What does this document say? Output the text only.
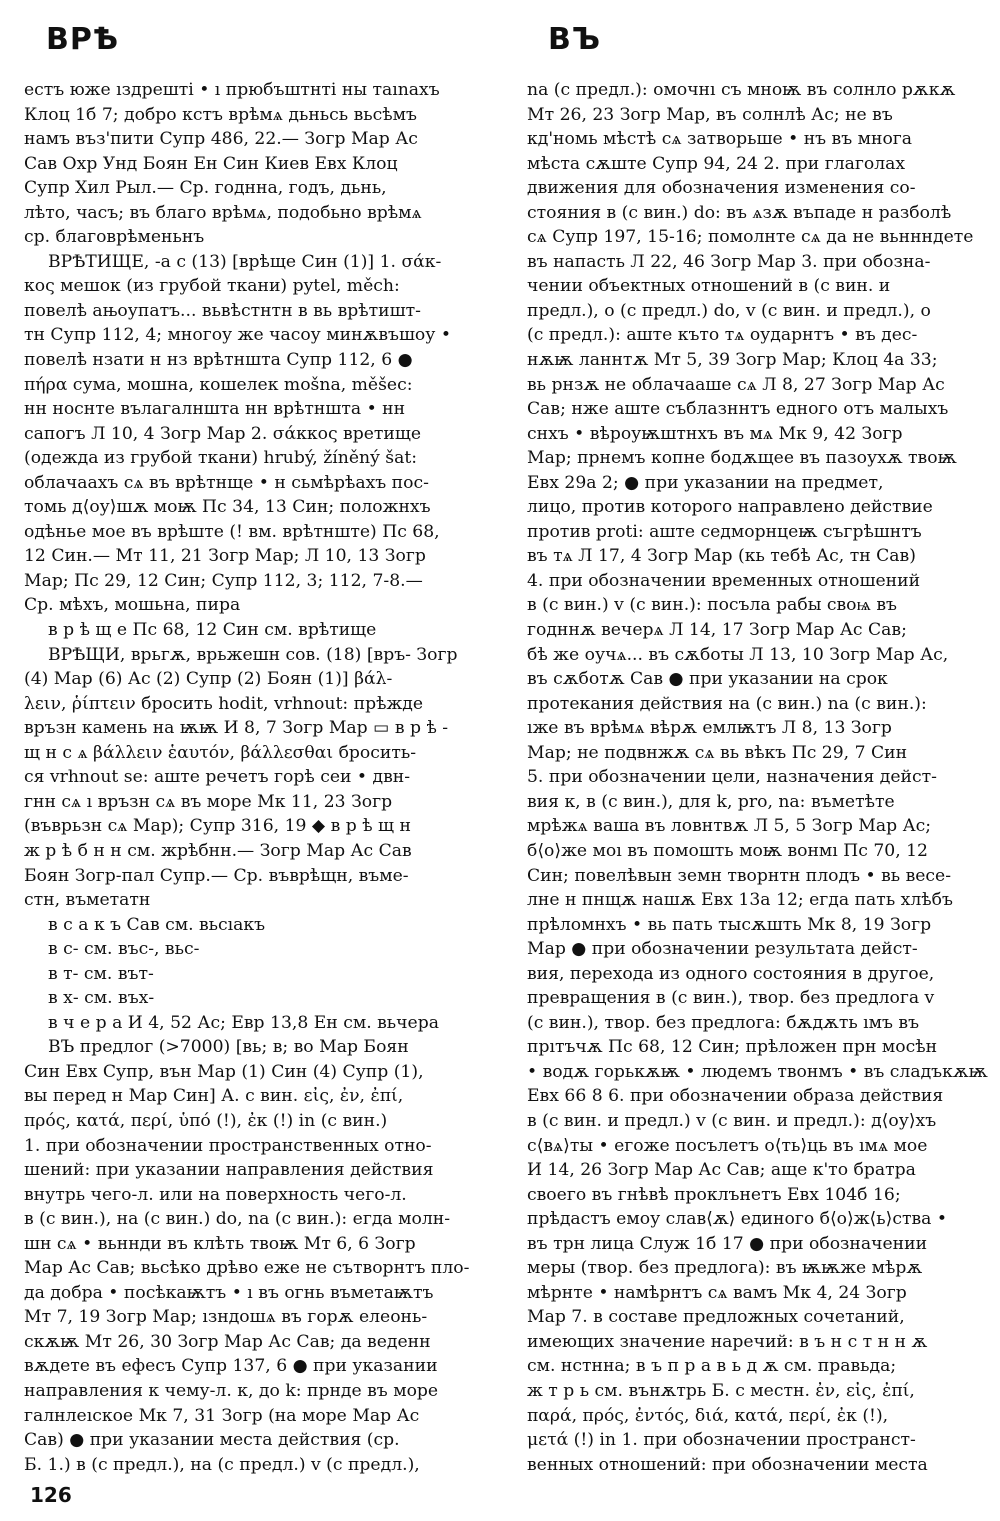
ВРѢ	ВЪ
естъ юже ıздрешті • ı прюбъштнті ны таınахъ
Клоц 1б 7; добро кстъ врѣмѧ дьньсь вьсѣмъ
намъ въз'пити Супр 486, 22.— Зогр Мар Ас
Сав Охр Унд Боян Ен Син Киев Евх Клоц
Супр Хил Рыл.— Ср. годнна, годъ, дьнь,
лѣто, часъ; въ благо врѣмѧ, подобьно врѣмѧ
ср. благоврѣменьнъ
ВРѢТИЩЕ, -а с (13) [врѣще Син (1)] 1. σάκ-
κος мешок (из грубой ткани) pytel, měch:
повелѣ ањоупатъ... вьвѣстнтн в вь врѣтишт-
тн Супр 112, 4; многоу же часоу минѫвъшоу •
повелѣ нзати н нз врѣтншта Супр 112, 6 ●
πήρα сума, мошна, кошелек mošna, měšec:
нн носнте вълагалншта нн врѣтншта • нн
сапогъ Л 10, 4 Зогр Мар 2. σάκκος вретище
(одежда из грубой ткани) hrubý, žíněný šat:
облачаахъ сѧ въ врѣтнще • н сьмѣрѣахъ пос-
томь д⟨оу⟩шѫ моѭ Пс 34, 13 Син; положнхъ
одѣнье мое въ врѣште (! вм. врѣтнште) Пс 68,
12 Син.— Мт 11, 21 Зогр Мар; Л 10, 13 Зогр
Мар; Пс 29, 12 Син; Супр 112, 3; 112, 7-8.—
Ср. мѣхъ, мошьна, пира
в р ѣ щ е Пс 68, 12 Син см. врѣтище
ВРѢЩИ, врьгѫ, врьжешн сов. (18) [връ- Зогр
(4) Мар (6) Ас (2) Супр (2) Боян (1)] βάλ-
λειν, ῥίπτειν бросить hodit, vrhnout: прѣжде
връзн камень на ѭѭ И 8, 7 Зогр Мар ▭ в р ѣ -
щ н с ѧ βάλλειν ἑαυτόν, βάλλεσθαι бросить-
ся vrhnout se: аште речетъ горѣ сеи • двн-
гнн сѧ ı връзн сѧ въ море Мк 11, 23 Зогр
(въврьзн сѧ Мар); Супр 316, 19 ◆ в р ѣ щ н
ж р ѣ б н н см. жрѣбнн.— Зогр Мар Ас Сав
Боян Зогр-пал Супр.— Ср. въврѣщн, въме-
стн, въметатн
в с а к ъ Сав см. вьсıакъ
в с- см. въс-, вьс-
в т- см. вът-
в х- см. въх-
в ч е р а И 4, 52 Ас; Евр 13,8 Ен см. вьчера
ВЪ предлог (>7000) [вь; в; во Мар Боян
Син Евх Супр, вън Мар (1) Син (4) Супр (1),
вы перед н Мар Син] А. с вин. εἰς, ἐν, ἐπί,
πρός, κατά, περί, ὑπό (!), ἐκ (!) in (с вин.)
1. при обозначении пространственных отно-
шений: при указании направления действия
внутрь чего-л. или на поверхность чего-л.
в (с вин.), на (с вин.) do, na (с вин.): егда молн-
шн сѧ • вьннди въ клѣть твоѭ Мт 6, 6 Зогр
Мар Ас Сав; вьсѣко дрѣво еже не сътворнтъ пло-
да добра • посѣкаѭтъ • ı въ огнь въметаѭтъ
Мт 7, 19 Зогр Мар; ıзндошѧ въ горѫ елеонь-
скѫѭ Мт 26, 30 Зогр Мар Ас Сав; да веденн
вѫдете въ ефесъ Супр 137, 6 ● при указании
направления к чему-л. к, до k: прнде въ море
галнлеıское Мк 7, 31 Зогр (на море Мар Ас
Сав) ● при указании места действия (ср.
Б. 1.) в (с предл.), на (с предл.) v (с предл.),
na (с предл.): омочнı съ мноѭ въ солнло рѫкѫ
Мт 26, 23 Зогр Мар, въ солнлѣ Ас; не въ
кд'номь мѣстѣ сѧ затворьше • нъ въ многа
мѣста сѫште Супр 94, 24 2. при глаголах
движения для обозначения изменения со-
стояния в (с вин.) do: въ ѧзѫ въпаде н разболѣ
сѧ Супр 197, 15-16; помолнте сѧ да не вьннндете
въ напасть Л 22, 46 Зогр Мар 3. при обозна-
чении объектных отношений в (с вин. и
предл.), о (с предл.) do, v (с вин. и предл.), o
(с предл.): аште къто тѧ оударнтъ • въ дес-
нѫѭ ланнтѫ Мт 5, 39 Зогр Мар; Клоц 4а 33;
вь рнзѫ не облачааше сѧ Л 8, 27 Зогр Мар Ас
Сав; нже аште съблазннтъ едного отъ малыхъ
снхъ • вѣроуѭштнхъ въ мѧ Мк 9, 42 Зогр
Мар; прнемъ копне бодѫщее въ пазоухѫ твоѭ
Евх 29а 2; ● при указании на предмет,
лицо, против которого направлено действие
против proti: аште седморнцеѭ съгрѣшнтъ
въ тѧ Л 17, 4 Зогр Мар (кь тебѣ Ас, тн Сав)
4. при обозначении временных отношений
в (с вин.) v (с вин.): посъла рабы своѩ въ
годнн​ѫ вечерѧ Л 14, 17 Зогр Мар Ас Сав;
бѣ же оучѧ... въ сѫботы Л 13, 10 Зогр Мар Ас,
въ сѫботѫ Сав ● при указании на срок
протекания действия на (с вин.) na (с вин.):
ıже въ врѣмѧ вѣрѫ емлѭтъ Л 8, 13 Зогр
Мар; не подвнжѫ сѧ вь вѣкъ Пс 29, 7 Син
5. при обозначении цели, назначения дейст-
вия к, в (с вин.), для k, pro, na: въметѣте
мрѣжѧ ваша въ ловнтвѫ Л 5, 5 Зогр Мар Ас;
б⟨о⟩же моı въ помошть моѭ вонмı Пс 70, 12
Син; повелѣвын земн творнтн плодъ • вь весе-
лне н пнщѫ нашѫ Евх 13а 12; егда пать хлѣбъ
прѣломнхъ • вь пать тысѫшть Мк 8, 19 Зогр
Мар ● при обозначении результата дейст-
вия, перехода из одного состояния в другое,
превращения в (с вин.), твор. без предлога v
(с вин.), твор. без предлога: бѫдѫть ıмъ въ
прıтъчѫ Пс 68, 12 Син; прѣложен прн мосѣн
• водѫ горькѫѭ • людемъ твонмъ • въ сладъкѫѭ
Евх 66 8 6. при обозначении образа действия
в (с вин. и предл.) v (с вин. и предл.): д⟨оу⟩хъ
с⟨вѧ⟩ты • егоже посълетъ о⟨ть⟩ць въ ıмѧ мое
И 14, 26 Зогр Мар Ас Сав; аще к'то братра
своего въ гнѣвѣ проклънетъ Евх 104б 16;
прѣдастъ емоу слав⟨ѫ⟩ единого б⟨о⟩ж⟨ь⟩ства •
въ трн лица Служ 1б 17 ● при обозначении
меры (твор. без предлога): въ ѭѭже мѣрѫ
мѣрнте • намѣрнтъ сѧ вамъ Мк 4, 24 Зогр
Мар 7. в составе предложных сочетаний,
имеющих значение наречий: в ъ н с т н н ѫ
см. нстнна; в ъ п р а в ь д ѫ см. правьда;
ж т р ь см. вънѫтрь Б. с местн. ἐν, εἰς, ἐπί,
παρά, πρός, ἐντός, διά, κατά, περί, ἐκ (!),
μετά (!) in 1. при обозначении пространст-
венных отношений: при обозначении места
126
